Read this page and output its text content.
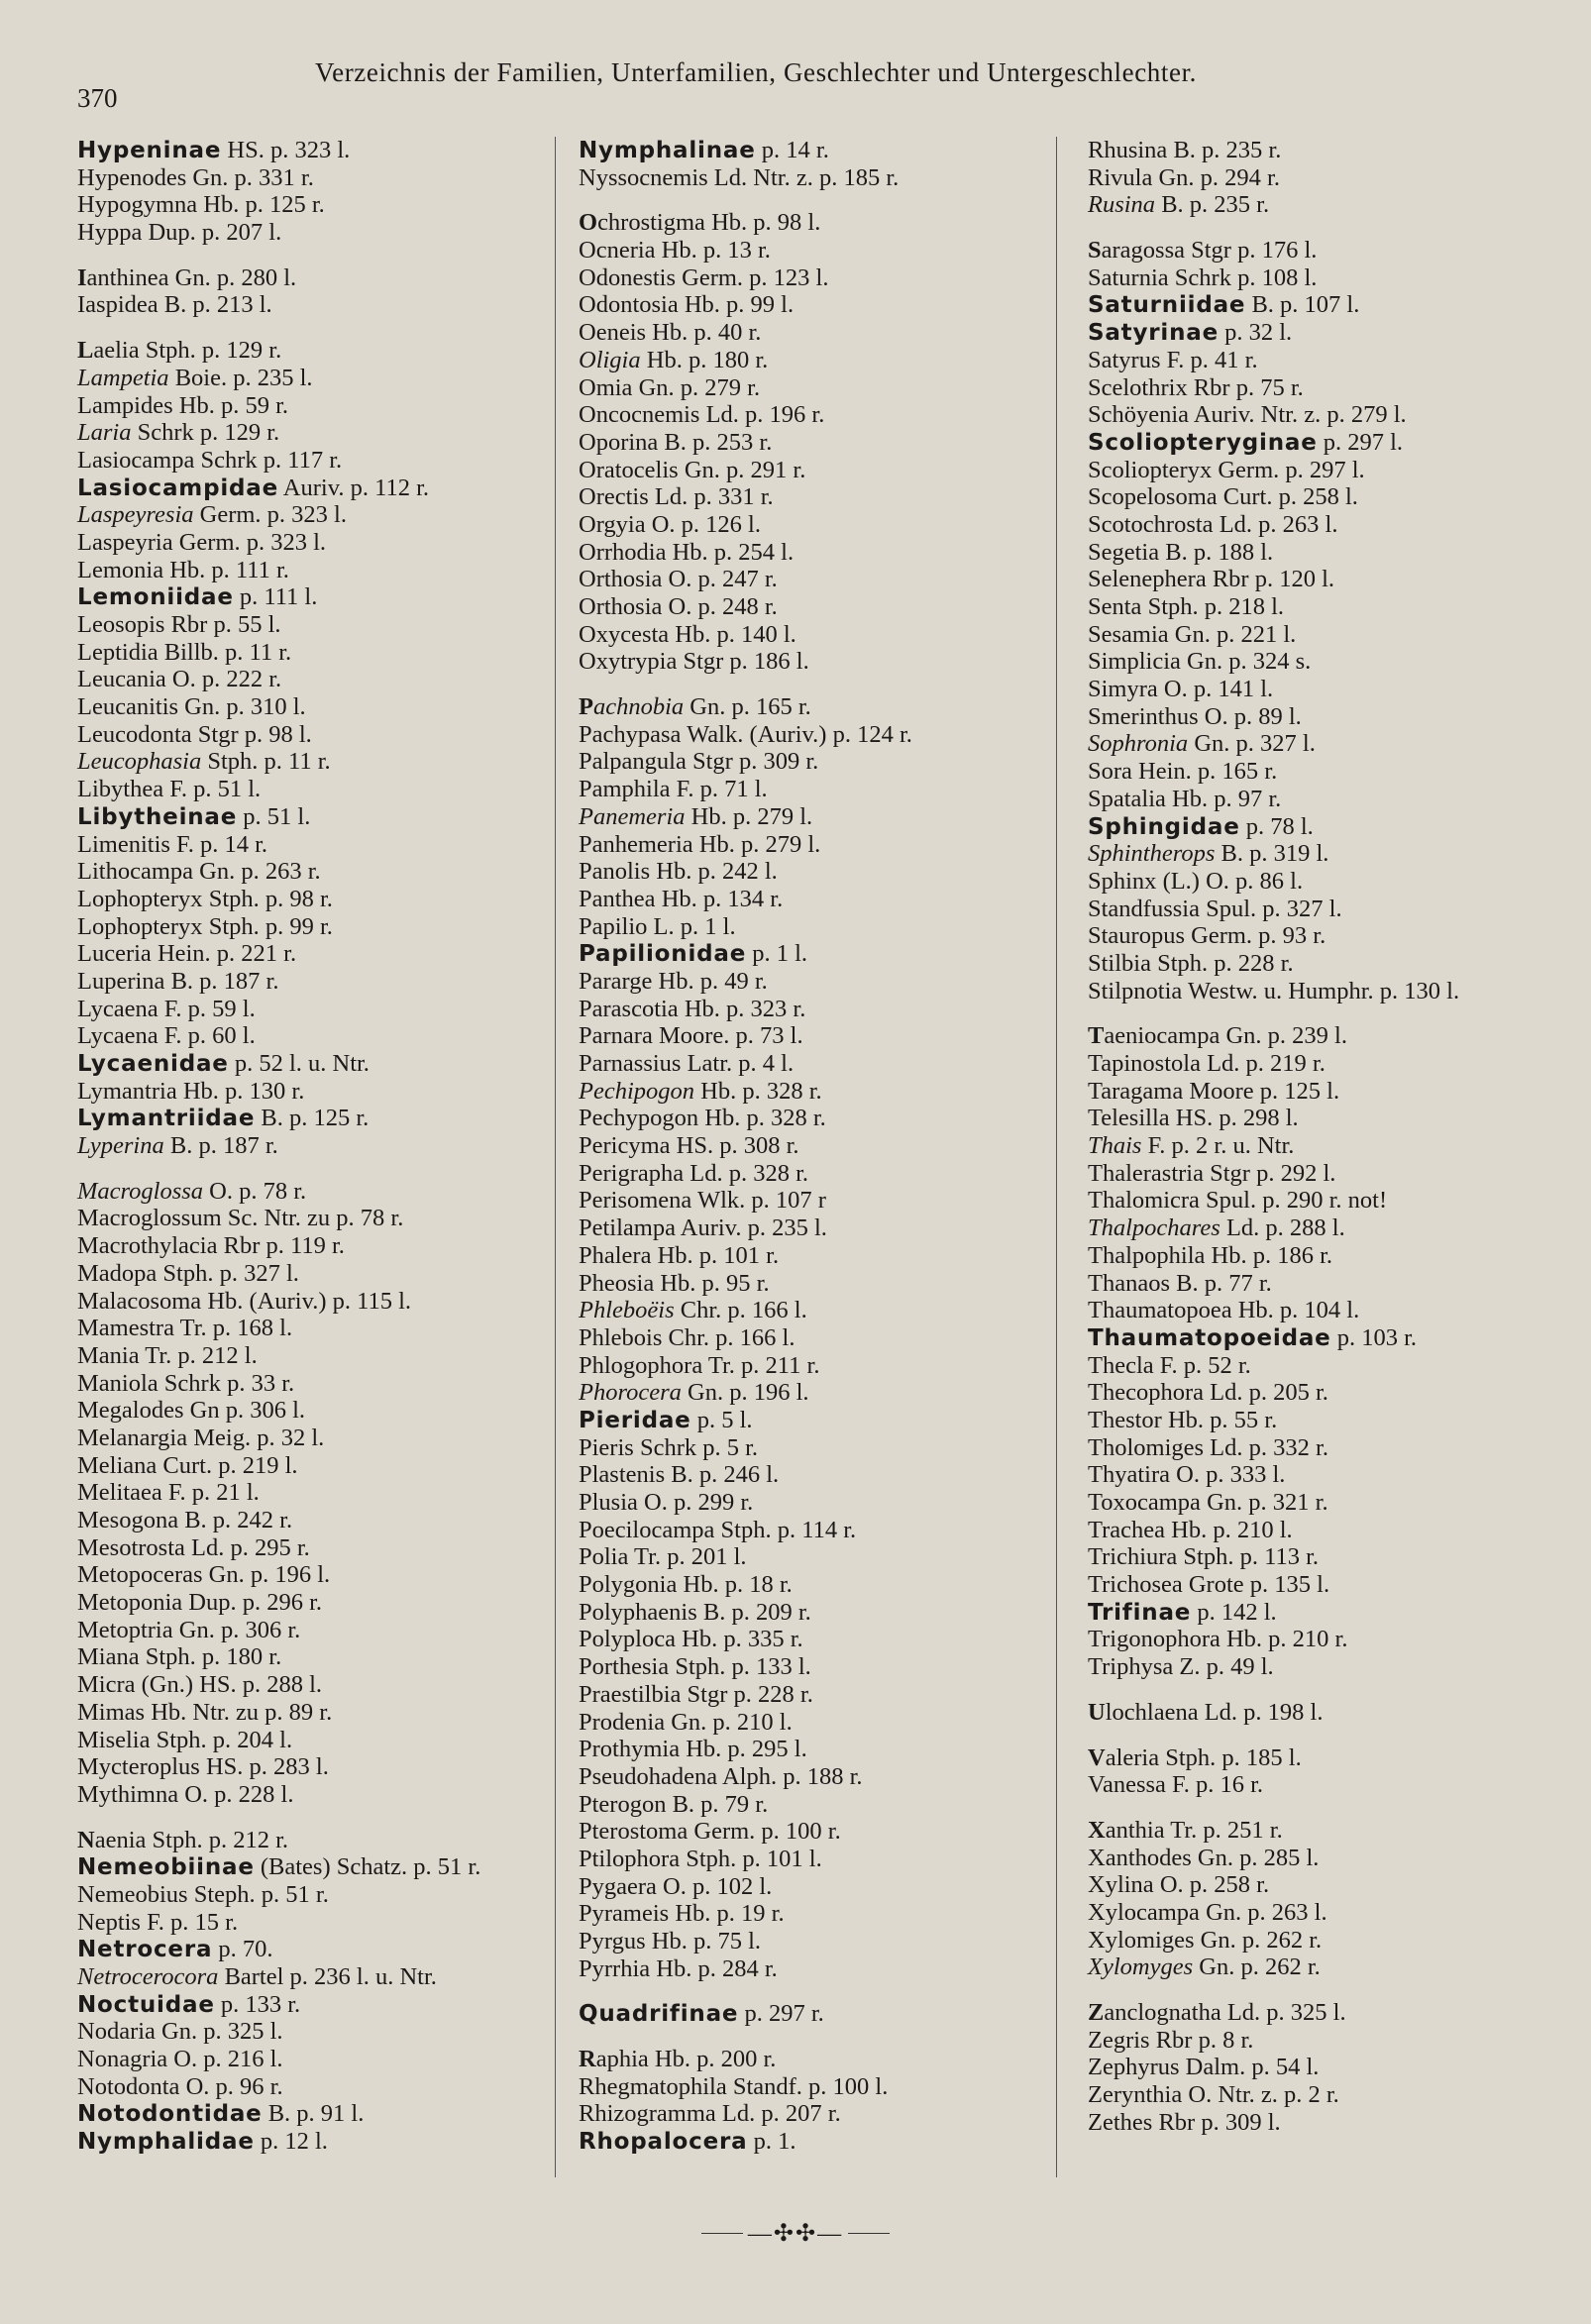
370
Verzeichnis der Familien, Unterfamilien, Geschlechter und Untergeschlechter.
Hypeninae HS. p. 323 l.
Hypenodes Gn. p. 331 r.
Hypogymna Hb. p. 125 r.
Hyppa Dup. p. 207 l.
Ianthinea Gn. p. 280 l.
Iaspidea B. p. 213 l.
Laelia Stph. p. 129 r.
Lampetia Boie. p. 235 l.
Lampides Hb. p. 59 r.
Laria Schrk p. 129 r.
Lasiocampa Schrk p. 117 r.
Lasiocampidae Auriv. p. 112 r.
Laspeyresia Germ. p. 323 l.
Laspeyria Germ. p. 323 l.
Lemonia Hb. p. 111 r.
Lemoniidae p. 111 l.
Leosopis Rbr p. 55 l.
Leptidia Billb. p. 11 r.
Leucania O. p. 222 r.
Leucanitis Gn. p. 310 l.
Leucodonta Stgr p. 98 l.
Leucophasia Stph. p. 11 r.
Libythea F. p. 51 l.
Libytheinae p. 51 l.
Limenitis F. p. 14 r.
Lithocampa Gn. p. 263 r.
Lophopteryx Stph. p. 98 r.
Lophopteryx Stph. p. 99 r.
Luceria Hein. p. 221 r.
Luperina B. p. 187 r.
Lycaena F. p. 59 l.
Lycaena F. p. 60 l.
Lycaenidae p. 52 l. u. Ntr.
Lymantria Hb. p. 130 r.
Lymantriidae B. p. 125 r.
Lyperina B. p. 187 r.
Macroglossa O. p. 78 r.
Macroglossum Sc. Ntr. zu p. 78 r.
Macrothylacia Rbr p. 119 r.
Madopa Stph. p. 327 l.
Malacosoma Hb. (Auriv.) p. 115 l.
Mamestra Tr. p. 168 l.
Mania Tr. p. 212 l.
Maniola Schrk p. 33 r.
Megalodes Gn p. 306 l.
Melanargia Meig. p. 32 l.
Meliana Curt. p. 219 l.
Melitaea F. p. 21 l.
Mesogona B. p. 242 r.
Mesotrosta Ld. p. 295 r.
Metopoceras Gn. p. 196 l.
Metoponia Dup. p. 296 r.
Metoptria Gn. p. 306 r.
Miana Stph. p. 180 r.
Micra (Gn.) HS. p. 288 l.
Mimas Hb. Ntr. zu p. 89 r.
Miselia Stph. p. 204 l.
Mycteroplus HS. p. 283 l.
Mythimna O. p. 228 l.
Naenia Stph. p. 212 r.
Nemeobiinae (Bates) Schatz. p. 51 r.
Nemeobius Steph. p. 51 r.
Neptis F. p. 15 r.
Netrocera p. 70.
Netrocerocora Bartel p. 236 l. u. Ntr.
Noctuidae p. 133 r.
Nodaria Gn. p. 325 l.
Nonagria O. p. 216 l.
Notodonta O. p. 96 r.
Notodontidae B. p. 91 l.
Nymphalidae p. 12 l.
Nymphalinae p. 14 r.
Nyssocnemis Ld. Ntr. z. p. 185 r.
Ochrostigma Hb. p. 98 l.
Ocneria Hb. p. 13 r.
Odonestis Germ. p. 123 l.
Odontosia Hb. p. 99 l.
Oeneis Hb. p. 40 r.
Oligia Hb. p. 180 r.
Omia Gn. p. 279 r.
Oncocnemis Ld. p. 196 r.
Oporina B. p. 253 r.
Oratocelis Gn. p. 291 r.
Orectis Ld. p. 331 r.
Orgyia O. p. 126 l.
Orrhodia Hb. p. 254 l.
Orthosia O. p. 247 r.
Orthosia O. p. 248 r.
Oxycesta Hb. p. 140 l.
Oxytrypia Stgr p. 186 l.
Pachnobia Gn. p. 165 r.
Pachypasa Walk. (Auriv.) p. 124 r.
Palpangula Stgr p. 309 r.
Pamphila F. p. 71 l.
Panemeria Hb. p. 279 l.
Panhemeria Hb. p. 279 l.
Panolis Hb. p. 242 l.
Panthea Hb. p. 134 r.
Papilio L. p. 1 l.
Papilionidae p. 1 l.
Pararge Hb. p. 49 r.
Parascotia Hb. p. 323 r.
Parnara Moore. p. 73 l.
Parnassius Latr. p. 4 l.
Pechipogon Hb. p. 328 r.
Pechypogon Hb. p. 328 r.
Pericyma HS. p. 308 r.
Perigrapha Ld. p. 328 r.
Perisomena Wlk. p. 107 r
Petilampa Auriv. p. 235 l.
Phalera Hb. p. 101 r.
Pheosia Hb. p. 95 r.
Phleboëis Chr. p. 166 l.
Phlebois Chr. p. 166 l.
Phlogophora Tr. p. 211 r.
Phorocera Gn. p. 196 l.
Pieridae p. 5 l.
Pieris Schrk p. 5 r.
Plastenis B. p. 246 l.
Plusia O. p. 299 r.
Poecilocampa Stph. p. 114 r.
Polia Tr. p. 201 l.
Polygonia Hb. p. 18 r.
Polyphaenis B. p. 209 r.
Polyploca Hb. p. 335 r.
Porthesia Stph. p. 133 l.
Praestilbia Stgr p. 228 r.
Prodenia Gn. p. 210 l.
Prothymia Hb. p. 295 l.
Pseudohadena Alph. p. 188 r.
Pterogon B. p. 79 r.
Pterostoma Germ. p. 100 r.
Ptilophora Stph. p. 101 l.
Pygaera O. p. 102 l.
Pyrameis Hb. p. 19 r.
Pyrgus Hb. p. 75 l.
Pyrrhia Hb. p. 284 r.
Quadrifinae p. 297 r.
Raphia Hb. p. 200 r.
Rhegmatophila Standf. p. 100 l.
Rhizogramma Ld. p. 207 r.
Rhopalocera p. 1.
Rhusina B. p. 235 r.
Rivula Gn. p. 294 r.
Rusina B. p. 235 r.
Saragossa Stgr p. 176 l.
Saturnia Schrk p. 108 l.
Saturniidae B. p. 107 l.
Satyrinae p. 32 l.
Satyrus F. p. 41 r.
Scelothrix Rbr p. 75 r.
Schöyenia Auriv. Ntr. z. p. 279 l.
Scoliopteryginae p. 297 l.
Scoliopteryx Germ. p. 297 l.
Scopelosoma Curt. p. 258 l.
Scotochrosta Ld. p. 263 l.
Segetia B. p. 188 l.
Selenephera Rbr p. 120 l.
Senta Stph. p. 218 l.
Sesamia Gn. p. 221 l.
Simplicia Gn. p. 324 s.
Simyra O. p. 141 l.
Smerinthus O. p. 89 l.
Sophronia Gn. p. 327 l.
Sora Hein. p. 165 r.
Spatalia Hb. p. 97 r.
Sphingidae p. 78 l.
Sphintherops B. p. 319 l.
Sphinx (L.) O. p. 86 l.
Standfussia Spul. p. 327 l.
Stauropus Germ. p. 93 r.
Stilbia Stph. p. 228 r.
Stilpnotia Westw. u. Humphr. p. 130 l.
Taeniocampa Gn. p. 239 l.
Tapinostola Ld. p. 219 r.
Taragama Moore p. 125 l.
Telesilla HS. p. 298 l.
Thais F. p. 2 r. u. Ntr.
Thalerastria Stgr p. 292 l.
Thalomicra Spul. p. 290 r. not!
Thalpochares Ld. p. 288 l.
Thalpophila Hb. p. 186 r.
Thanaos B. p. 77 r.
Thaumatopoea Hb. p. 104 l.
Thaumatopoeidae p. 103 r.
Thecla F. p. 52 r.
Thecophora Ld. p. 205 r.
Thestor Hb. p. 55 r.
Tholomiges Ld. p. 332 r.
Thyatira O. p. 333 l.
Toxocampa Gn. p. 321 r.
Trachea Hb. p. 210 l.
Trichiura Stph. p. 113 r.
Trichosea Grote p. 135 l.
Trifinae p. 142 l.
Trigonophora Hb. p. 210 r.
Triphysa Z. p. 49 l.
Ulochlaena Ld. p. 198 l.
Valeria Stph. p. 185 l.
Vanessa F. p. 16 r.
Xanthia Tr. p. 251 r.
Xanthodes Gn. p. 285 l.
Xylina O. p. 258 r.
Xylocampa Gn. p. 263 l.
Xylomiges Gn. p. 262 r.
Xylomyges Gn. p. 262 r.
Zanclognatha Ld. p. 325 l.
Zegris Rbr p. 8 r.
Zephyrus Dalm. p. 54 l.
Zerynthia O. Ntr. z. p. 2 r.
Zethes Rbr p. 309 l.
—✣✣—
